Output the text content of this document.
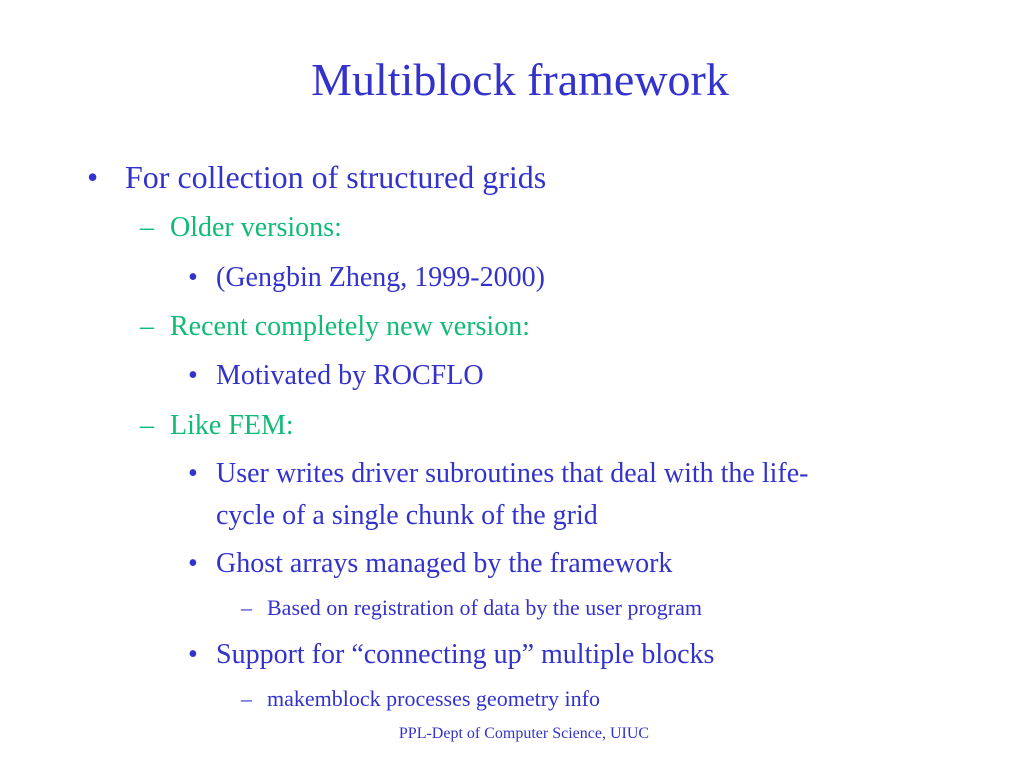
Multiblock framework
• For collection of structured grids
– Older versions:
• (Gengbin Zheng, 1999-2000)
– Recent completely new version:
• Motivated by ROCFLO
– Like FEM:
• User writes driver subroutines that deal with the life-
cycle of a single chunk of the grid
• Ghost arrays managed by the framework
– Based on registration of data by the user program
• Support for “connecting up” multiple blocks
– makemblock processes geometry info
PPL-Dept of Computer Science, UIUC
